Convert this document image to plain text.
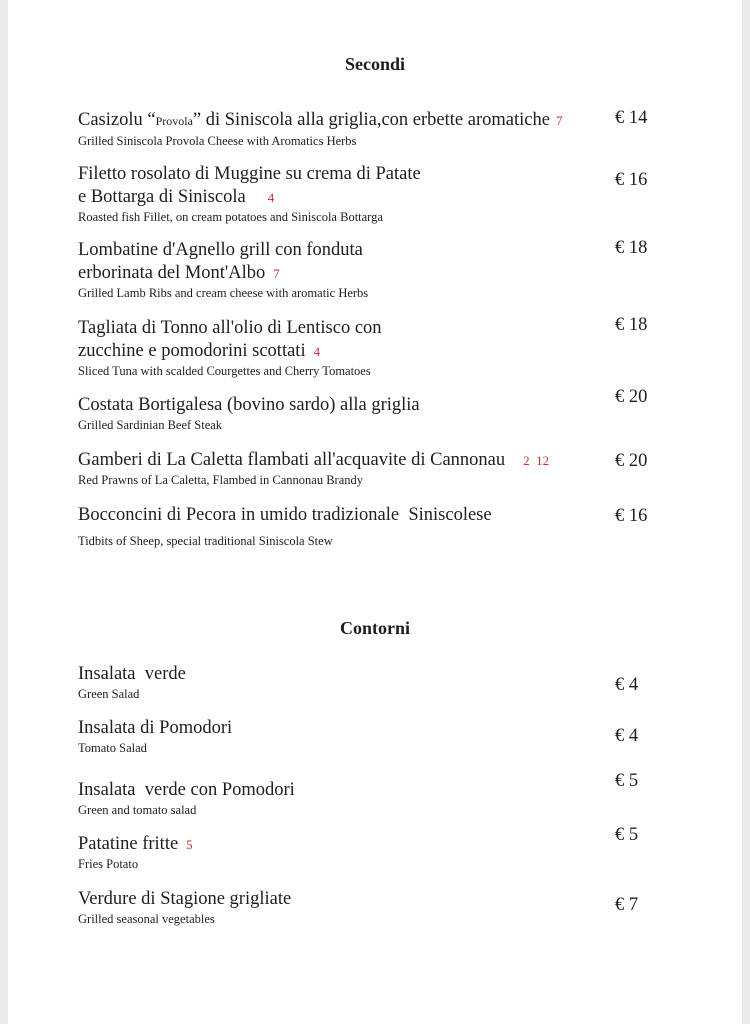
Secondi
Casizolu “Provola” di Siniscola alla griglia,con erbette aromatiche 7
Grilled Siniscola Provola Cheese with Aromatics Herbs
€ 14
Filetto rosolato di Muggine su crema di Patate
e Bottarga di Siniscola 4
Roasted fish Fillet, on cream potatoes and Siniscola Bottarga
€ 16
Lombatine d'Agnello grill con fonduta
erborinata del Mont'Albo 7
Grilled Lamb Ribs and cream cheese with aromatic Herbs
€ 18
Tagliata di Tonno all'olio di Lentisco con
zucchine e pomodorini scottati 4
Sliced Tuna with scalded Courgettes and Cherry Tomatoes
€ 18
Costata Bortigalesa (bovino sardo) alla griglia
Grilled Sardinian Beef Steak
€ 20
Gamberi di La Caletta flambati all'acquavite di Cannonau 2  12
Red Prawns of La Caletta, Flambed in Cannonau Brandy
€ 20
Bocconcini di Pecora in umido tradizionale  Siniscolese
Tidbits of Sheep, special traditional Siniscola Stew
€ 16
Contorni
Insalata  verde
Green Salad	€ 4
Insalata di Pomodori
Tomato Salad
€ 4
Insalata  verde con Pomodori
Green and tomato salad
€ 5
Patatine fritte 5
Fries Potato
€ 5
Verdure di Stagione grigliate
Grilled seasonal vegetables
€ 7
